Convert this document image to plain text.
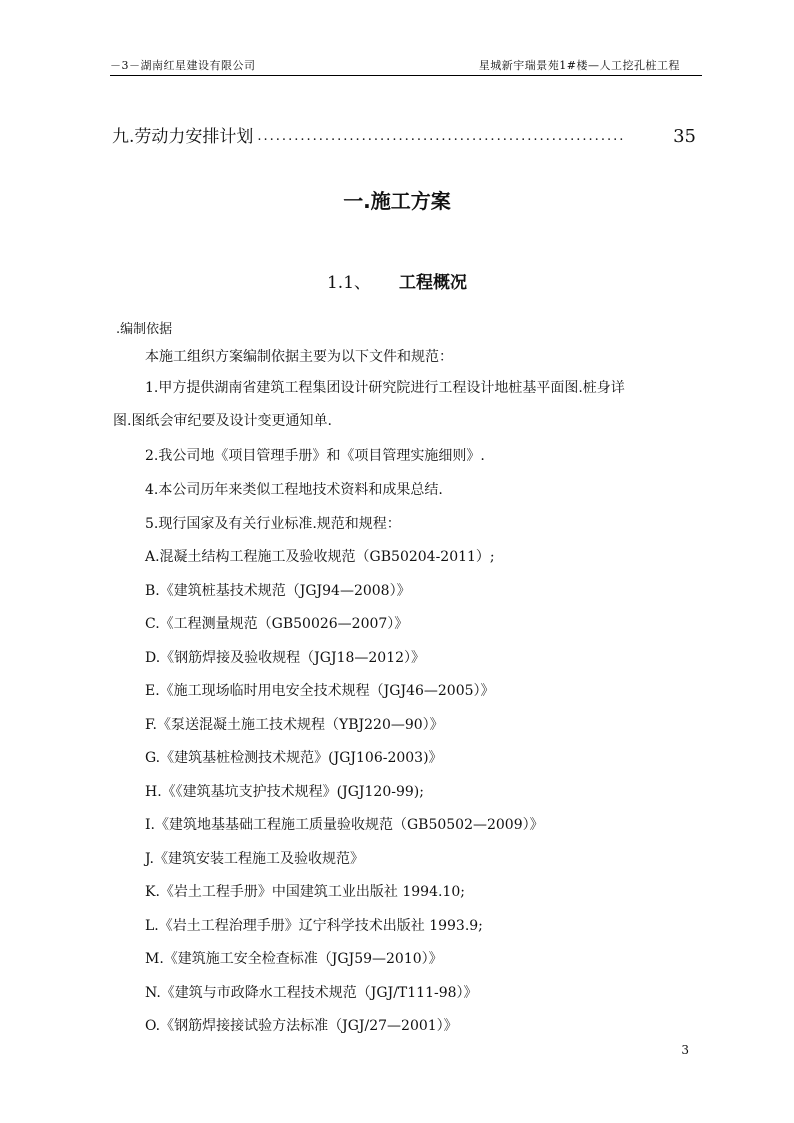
－3－湖南红星建设有限公司	星城新宇瑞景苑1#楼—人工挖孔桩工程
九.劳动力安排计划 ............................................................	35
一.施工方案
1.1、 工程概况
.编制依据
本施工组织方案编制依据主要为以下文件和规范：
1.甲方提供湖南省建筑工程集团设计研究院进行工程设计地桩基平面图.桩身详
图.图纸会审纪要及设计变更通知单.
2.我公司地《项目管理手册》和《项目管理实施细则》.
4.本公司历年来类似工程地技术资料和成果总结.
5.现行国家及有关行业标准.规范和规程：
A.混凝土结构工程施工及验收规范（GB50204-2011）;
B.《建筑桩基技术规范（JGJ94—2008）》
C.《工程测量规范（GB50026—2007）》
D.《钢筋焊接及验收规程（JGJ18—2012）》
E.《施工现场临时用电安全技术规程（JGJ46—2005）》
F.《泵送混凝土施工技术规程（YBJ220—90）》
G.《建筑基桩检测技术规范》(JGJ106-2003)》
H.《《建筑基坑支护技术规程》(JGJ120-99);
I.《建筑地基基础工程施工质量验收规范（GB50502—2009）》
J.《建筑安装工程施工及验收规范》
K.《岩土工程手册》中国建筑工业出版社 1994.10;
L.《岩土工程治理手册》辽宁科学技术出版社 1993.9;
M.《建筑施工安全检查标准（JGJ59—2010）》
N.《建筑与市政降水工程技术规范（JGJ/T111-98）》
O.《钢筋焊接接试验方法标准（JGJ/27—2001）》
3
